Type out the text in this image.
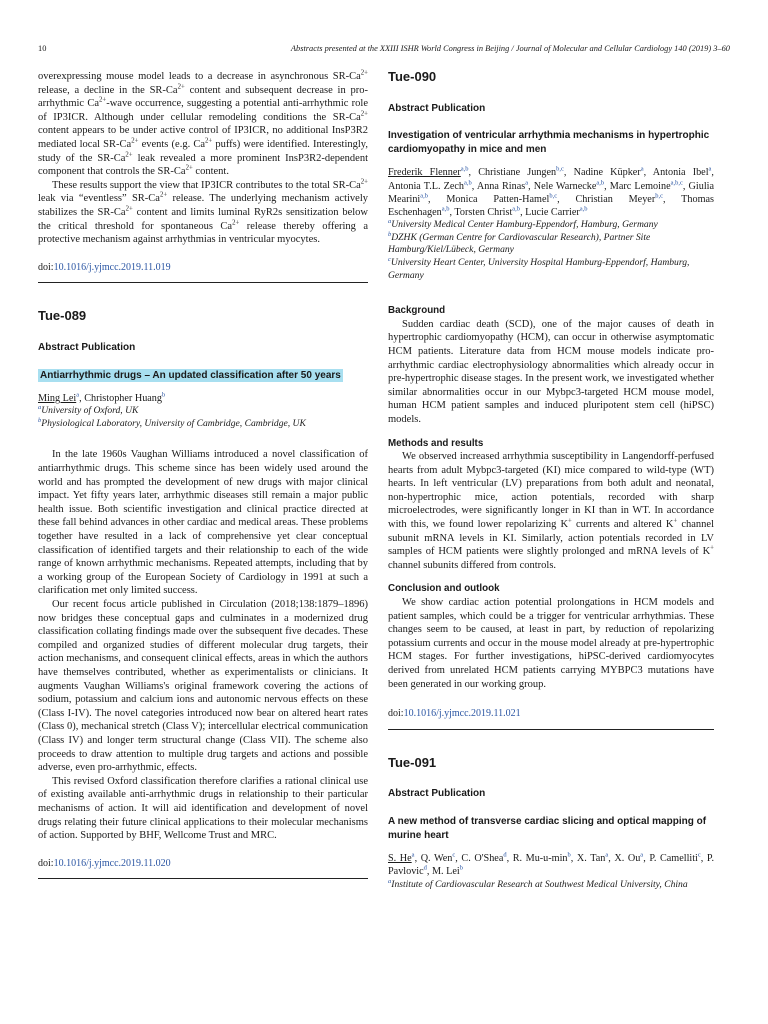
10	Abstracts presented at the XXIII ISHR World Congress in Beijing / Journal of Molecular and Cellular Cardiology 140 (2019) 3–60

overexpressing mouse model leads to a decrease in asynchronous $SR-Ca^{2+}$ release, a decline in the $SR-Ca^{2+}$ content and subsequent decrease in pro-arrhythmic $Ca^{2+}$-wave occurrence, suggesting a potential anti-arrhythmic role of IP3ICR. Although under cellular remodeling conditions the $SR-Ca^{2+}$ content appears to be under active control of IP3ICR, no additional InsP3R2 mediated local $SR-Ca^{2+}$ events (e.g. $Ca^{2+}$ puffs) were identified. Interestingly, study of the $SR-Ca^{2+}$ leak revealed a more prominent InsP3R2-dependent component that controls the $SR-Ca^{2+}$ content.

These results support the view that IP3ICR contributes to the total $SR-Ca^{2+}$ leak via “eventless” $SR-Ca^{2+}$ release. The underlying mechanism actively stabilizes the $SR-Ca^{2+}$ content and limits luminal RyR2s sensitization below the critical threshold for spontaneous $Ca^{2+}$ release thereby offering a protective mechanism against arrhythmias in ventricular myocytes.

doi:10.1016/j.yjmcc.2019.11.019
Tue-089
Abstract Publication
Antiarrhythmic drugs – An updated classification after 50 years
Ming Lei$^a$, Christopher Huang$^b$
$^a$University of Oxford, UK
$^b$Physiological Laboratory, University of Cambridge, Cambridge, UK

In the late 1960s Vaughan Williams introduced a novel classification of antiarrhythmic drugs. This scheme since has been widely used around the world and has prompted the development of new drugs with major clinical impact. Yet fifty years later, arrhythmic diseases still remain a major public health issue. Both scientific investigation and clinical practice directed at these fall behind advances in other cardiac and medical areas. These problems together have resulted in a lack of comprehensive yet clear conceptual classification of identified targets and their relationship to each of the wide range of known arrhythmic mechanisms. Repeated attempts, including that by a working group of the European Society of Cardiology in 1991 at such a clarification met only limited success.

Our recent focus article published in Circulation (2018;138:1879–1896) now bridges these conceptual gaps and culminates in a modernized drug classification collating findings made over the subsequent five decades. These compiled and organized studies of different molecular drug targets, their action mechanisms, and consequent clinical effects, areas in which the authors have themselves contributed, whether as experimentalists or clinicians. It augments Vaughan Williams's original framework covering the actions of sodium, potassium and calcium ions and autonomic nervous effects on these (Class I-IV). The novel categories introduced now bear on altered heart rates (Class 0), mechanical stretch (Class V); intercellular electrical communication (Class IV) and longer term structural change (Class VII). The scheme also proceeds to draw attention to multiple drug targets and actions and possible adverse, even pro-arrhythmic, effects.

This revised Oxford classification therefore clarifies a rational clinical use of existing available anti-arrhythmic drugs in relationship to their particular mechanisms of action. It will aid identification and development of novel drugs relating their future clinical applications to their molecular mechanisms of action. Supported by BHF, Wellcome Trust and MRC.

doi:10.1016/j.yjmcc.2019.11.020
Tue-090
Abstract Publication
Investigation of ventricular arrhythmia mechanisms in hypertrophic cardiomyopathy in mice and men
Frederik Flenner$^{a,b}$, Christiane Jungen$^{b,c}$, Nadine Küpker$^a$, Antonia Ibel$^a$, Antonia T.L. Zech$^{a,b}$, Anna Rinas$^a$, Nele Warnecke$^{a,b}$, Marc Lemoine$^{a,b,c}$, Giulia Mearini$^{a,b}$, Monica Patten-Hamel$^{b,c}$, Christian Meyer$^{b,c}$, Thomas Eschenhagen$^{a,b}$, Torsten Christ$^{a,b}$, Lucie Carrier$^{a,b}$
$^a$University Medical Center Hamburg-Eppendorf, Hamburg, Germany
$^b$DZHK (German Centre for Cardiovascular Research), Partner Site Hamburg/Kiel/Lübeck, Germany
$^c$University Heart Center, University Hospital Hamburg-Eppendorf, Hamburg, Germany
Background

Sudden cardiac death (SCD), one of the major causes of death in hypertrophic cardiomyopathy (HCM), can occur in otherwise asymptomatic HCM patients. Literature data from HCM mouse models indicate pro-arrhythmic cardiac electrophysiology abnormalities which already occur in pre-hypertrophic disease stages. In the present work, we investigated whether similar abnormalities occur in our Mybpc3-targeted HCM mouse model, human HCM patient samples and induced pluripotent stem cell (hiPSC) models.

Methods and results

We observed increased arrhythmia susceptibility in Langendorff-perfused hearts from adult Mybpc3-targeted (KI) mice compared to wild-type (WT) hearts. In left ventricular (LV) preparations from both adult and neonatal, non-hypertrophic mice, action potentials, recorded with sharp microelectrodes, were significantly longer in KI than in WT. In accordance with this, we found lower repolarizing K+ currents and altered K+ channel subunit mRNA levels in KI. Similarly, action potentials recorded in LV samples of HCM patients were slightly prolonged and mRNA levels of K+ channel subunits differed from controls.

Conclusion and outlook

We show cardiac action potential prolongations in HCM models and patient samples, which could be a trigger for ventricular arrhythmias. These changes seem to be caused, at least in part, by reduction of repolarizing potassium currents and occur in the mouse model already at pre-hypertrophic HCM stages. For further investigations, hiPSC-derived cardiomyocytes derived from unrelated HCM patients carrying MYBPC3 mutations have been generated in our working group.

doi:10.1016/j.yjmcc.2019.11.021
Tue-091
Abstract Publication
A new method of transverse cardiac slicing and optical mapping of murine heart
S. He$^a$, Q. Wen$^c$, C. O'Shea$^d$, R. $Mu-u-\min^b$, X. Tan$^a$, X. Ou$^a$, P. Camelliti$^c$, P. Pavlovic$^d$, M. Lei$^b$
$^a$Institute of Cardiovascular Research at Southwest Medical University, China
